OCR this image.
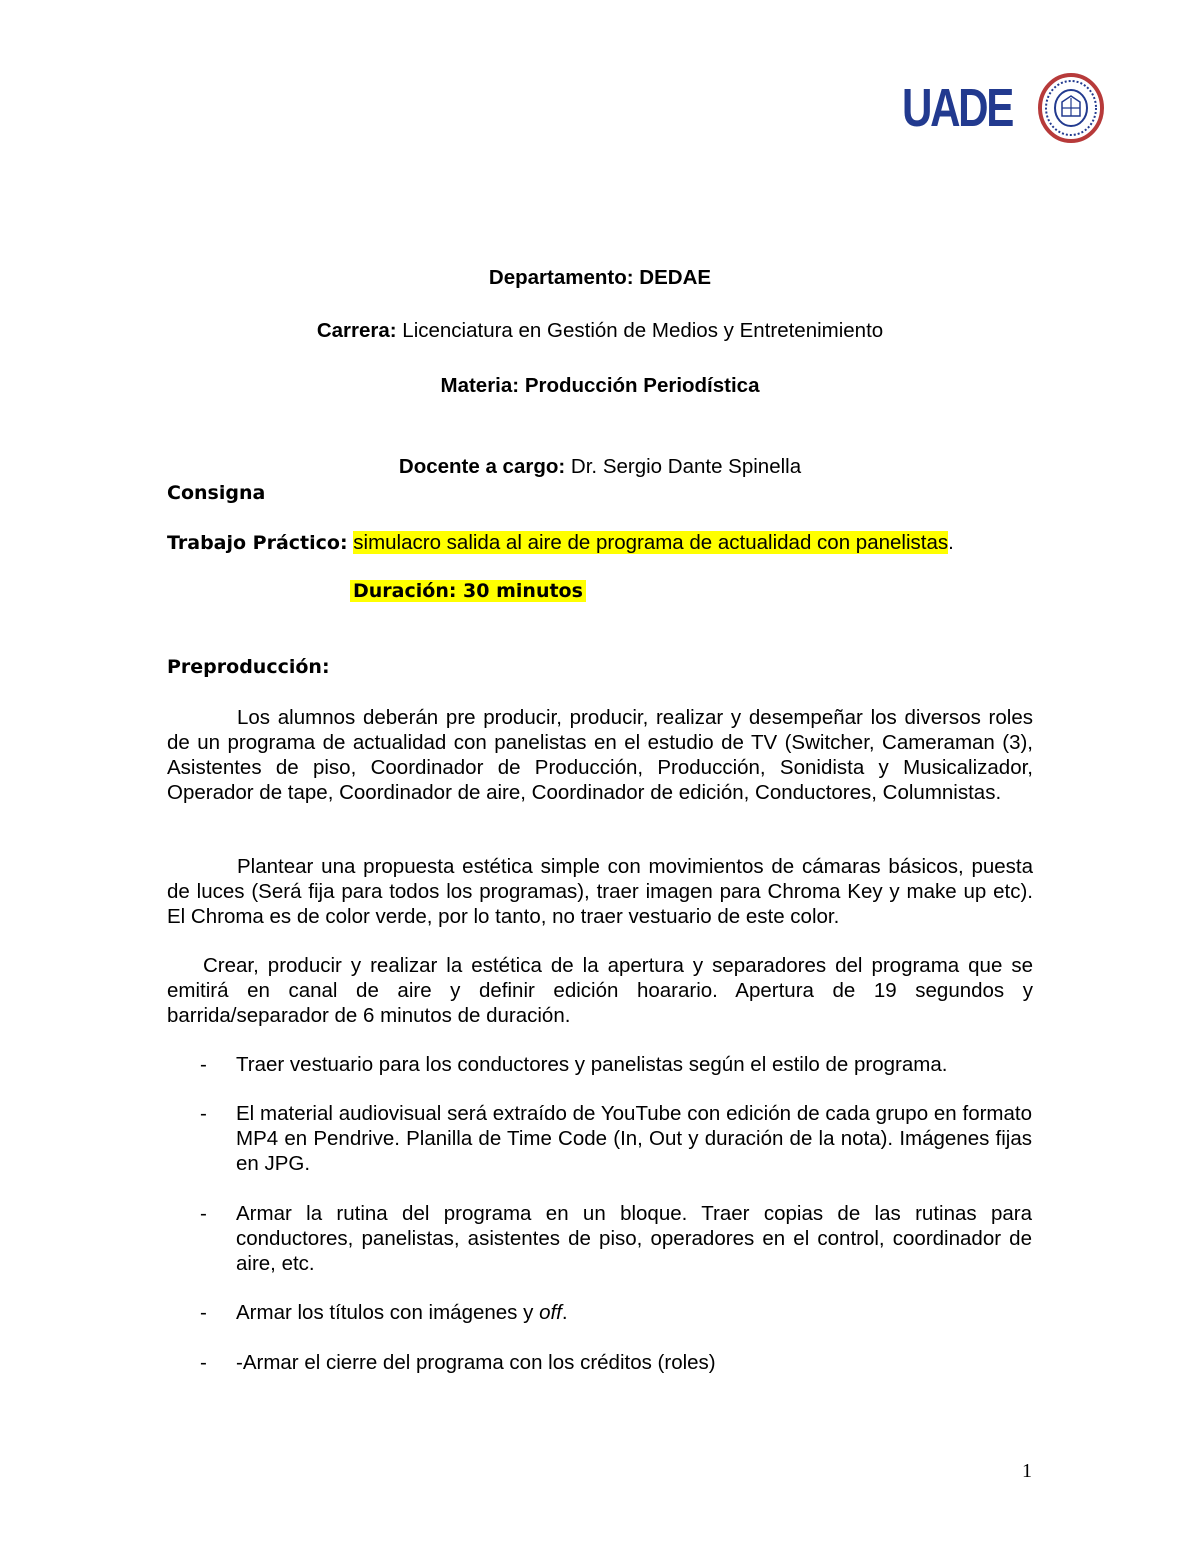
UADE

Departamento: DEDAE

Carrera: Licenciatura en Gestión de Medios y Entretenimiento

Materia: Producción Periodística

Docente a cargo: Dr. Sergio Dante Spinella

Consigna

Trabajo Práctico: simulacro salida al aire de programa de actualidad con panelistas.

Duración: 30 minutos

Preproducción:

Los alumnos deberán pre producir, producir, realizar y desempeñar los diversos roles de un programa de actualidad con panelistas en el estudio de TV (Switcher, Cameraman (3), Asistentes de piso, Coordinador de Producción, Producción, Sonidista y Musicalizador, Operador de tape, Coordinador de aire, Coordinador de edición, Conductores, Columnistas.

Plantear una propuesta estética simple con movimientos de cámaras básicos, puesta de luces (Será fija para todos los programas), traer imagen para Chroma Key y make up etc). El Chroma es de color verde, por lo tanto, no traer vestuario de este color.

Crear, producir y realizar la estética de la apertura y separadores del programa que se emitirá en canal de aire y definir edición hoarario. Apertura de 19 segundos y barrida/separador de 6 minutos de duración.

- Traer vestuario para los conductores y panelistas según el estilo de programa.
- El material audiovisual será extraído de YouTube con edición de cada grupo en formato MP4 en Pendrive. Planilla de Time Code (In, Out y duración de la nota). Imágenes fijas en JPG.
- Armar la rutina del programa en un bloque. Traer copias de las rutinas para conductores, panelistas, asistentes de piso, operadores en el control, coordinador de aire, etc.
- Armar los títulos con imágenes y off.
- -Armar el cierre del programa con los créditos (roles)

1
